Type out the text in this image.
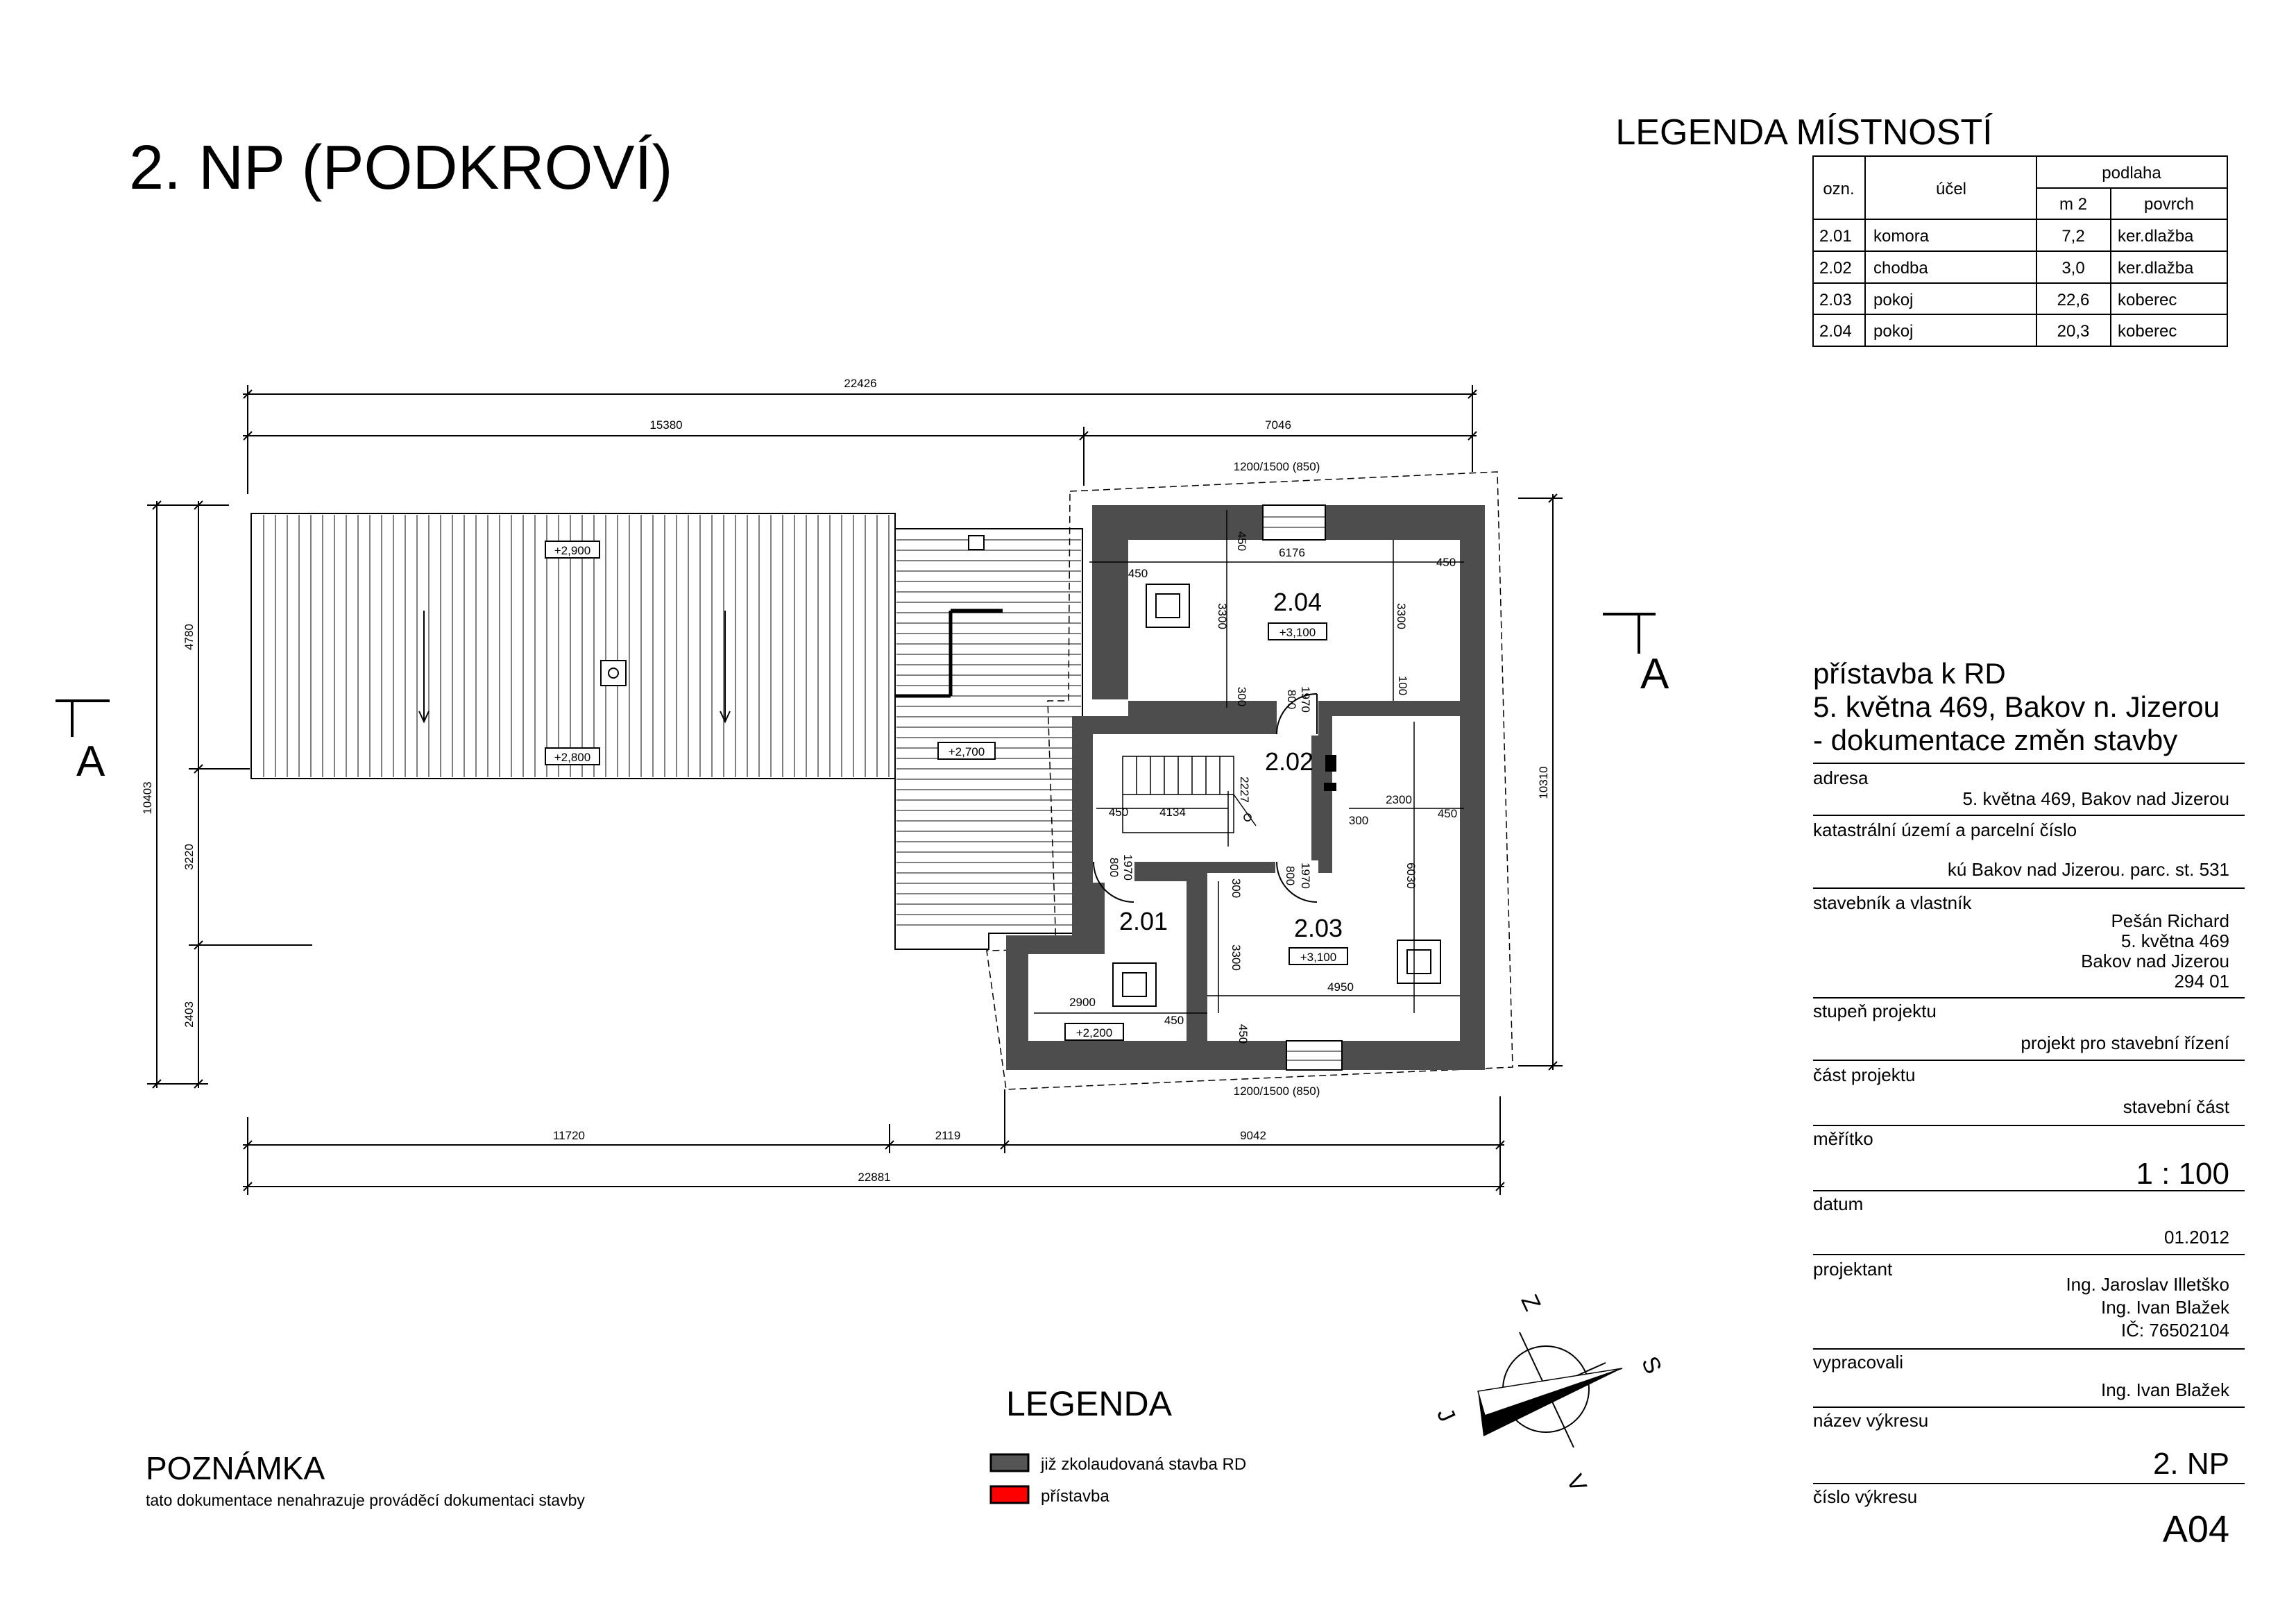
2. NP (PODKROVÍ)
LEGENDA MÍSTNOSTÍ
ozn.	účel
podlaha
m 2	povrch
2.01 komora	7,2 ker.dlažba
2.02 chodba	3,0 ker.dlažba
2.03 pokoj	22,6 koberec
2.04 pokoj	20,3 koberec
přístavba k RD
5. května 469, Bakov n. Jizerou
- dokumentace změn stavby
adresa
5. května 469, Bakov nad Jizerou
katastrální území a parcelní číslo
kú Bakov nad Jizerou. parc. st. 531
stavebník a vlastník
Pešán Richard
5. května 469
Bakov nad Jizerou
294 01
stupeň projektu
projekt pro stavební řízení
část projektu
stavební část
měřítko
1 : 100
datum
01.2012
projektant
Ing. Jaroslav Illetško
Ing. Ivan Blažek
IČ: 76502104
vypracovali
Ing. Ivan Blažek
název výkresu
2. NP
číslo výkresu
A04
A
A
22426
15380	7046
11720	2119	9042
22881
10403
4780
3220
2403
10310
1200/1500 (850)
1200/1500 (850)
+2,900
+2,800	+2,700
6176
450
450
450
3300	3300
300
100
800 1970
4134
450
2227	2300
300
450
6030
800 1970	800 1970
300
3300
4950
2900
450
450
2.04
+3,100
2.02
2.01	2.03
+3,100
+2,200
LEGENDA
již zkolaudovaná stavba RD
přístavba
POZNÁMKA
tato dokumentace nenahrazuje prováděcí dokumentaci stavby
Z
S
V
J
